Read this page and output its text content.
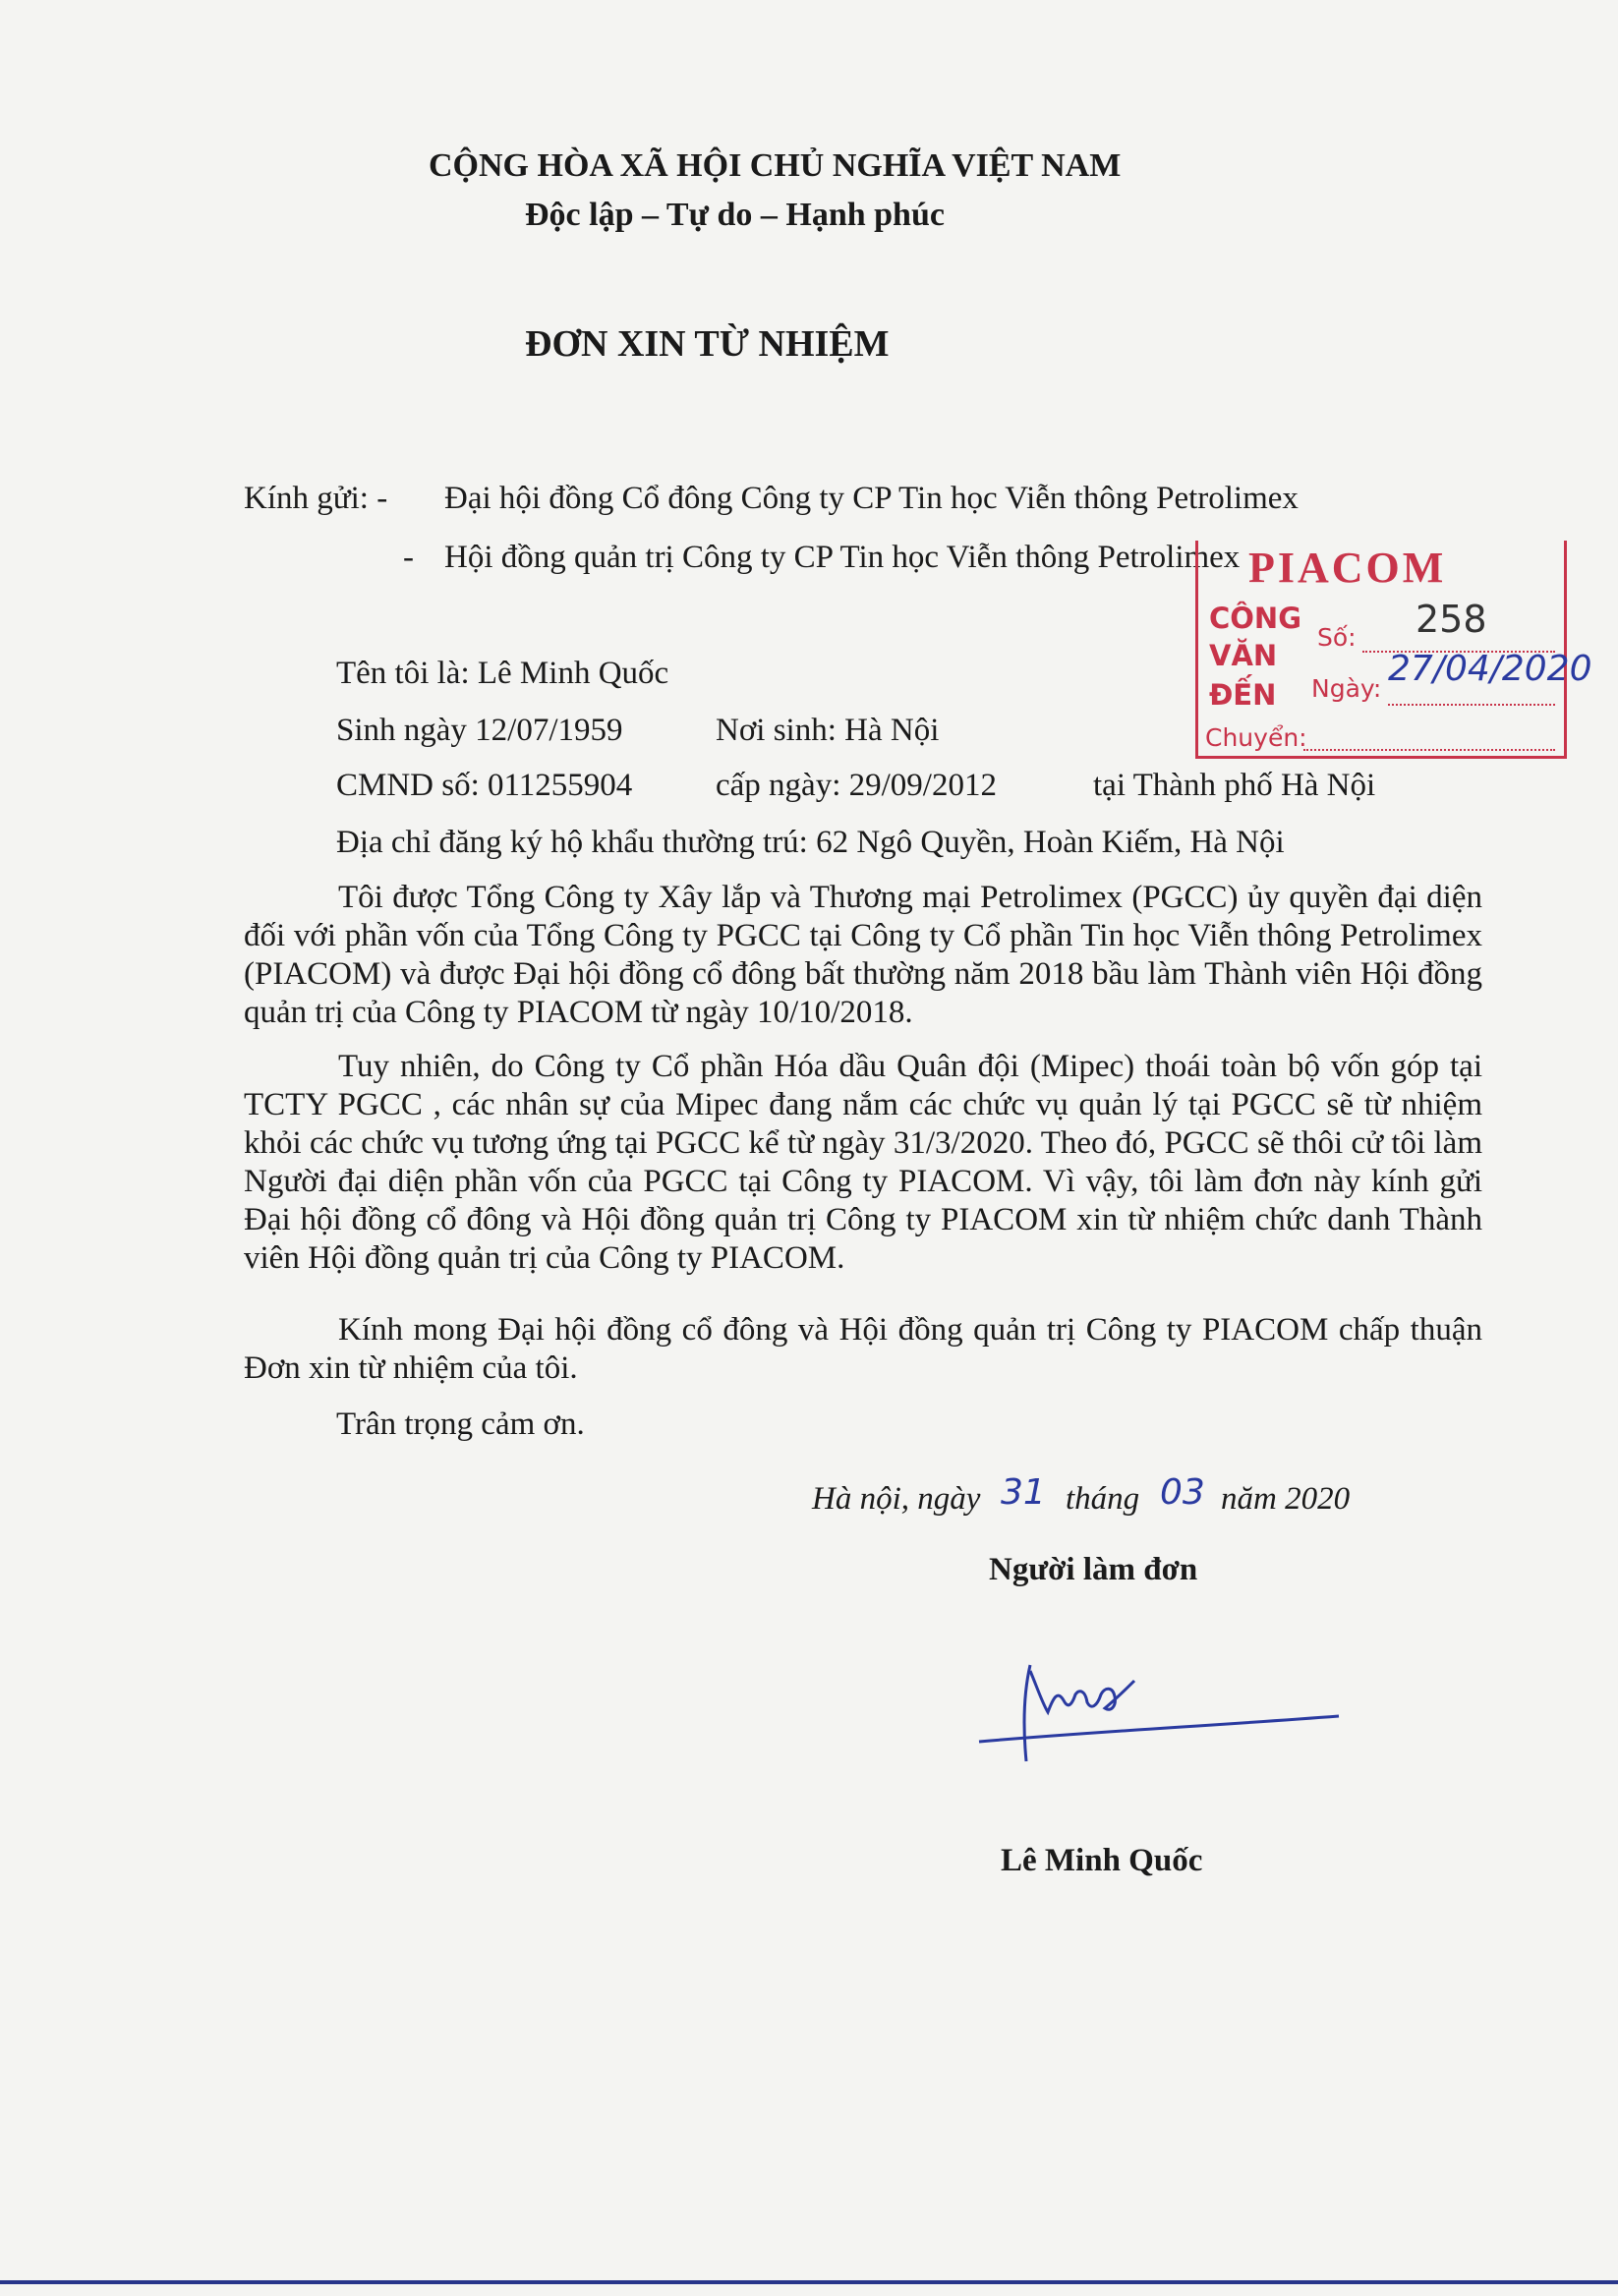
CỘNG HÒA XÃ HỘI CHỦ NGHĨA VIỆT NAM
Độc lập – Tự do – Hạnh phúc
ĐƠN XIN TỪ NHIỆM
Kính gửi: - Đại hội đồng Cổ đông Công ty CP Tin học Viễn thông Petrolimex
- Hội đồng quản trị Công ty CP Tin học Viễn thông Petrolimex PIACOM
CÔNG
VĂN
ĐẾN
Số: 258
Ngày: 27/04/2020
Chuyển:
Tên tôi là: Lê Minh Quốc
Sinh ngày 12/07/1959	Nơi sinh: Hà Nội
CMND số: 011255904	cấp ngày: 29/09/2012	tại Thành phố Hà Nội
Địa chỉ đăng ký hộ khẩu thường trú: 62 Ngô Quyền, Hoàn Kiếm, Hà Nội
Tôi được Tổng Công ty Xây lắp và Thương mại Petrolimex (PGCC) ủy quyền đại diện đối với phần vốn của Tổng Công ty PGCC tại Công ty Cổ phần Tin học Viễn thông Petrolimex (PIACOM) và được Đại hội đồng cổ đông bất thường năm 2018 bầu làm Thành viên Hội đồng quản trị của Công ty PIACOM từ ngày 10/10/2018.
Tuy nhiên, do Công ty Cổ phần Hóa dầu Quân đội (Mipec) thoái toàn bộ vốn góp tại TCTY PGCC , các nhân sự của Mipec đang nắm các chức vụ quản lý tại PGCC sẽ từ nhiệm khỏi các chức vụ tương ứng tại PGCC kể từ ngày 31/3/2020. Theo đó, PGCC sẽ thôi cử tôi làm Người đại diện phần vốn của PGCC tại Công ty PIACOM. Vì vậy, tôi làm đơn này kính gửi Đại hội đồng cổ đông và Hội đồng quản trị Công ty PIACOM xin từ nhiệm chức danh Thành viên Hội đồng quản trị của Công ty PIACOM.
Kính mong Đại hội đồng cổ đông và Hội đồng quản trị Công ty PIACOM chấp thuận Đơn xin từ nhiệm của tôi.
Trân trọng cảm ơn.
Hà nội, ngày 31 tháng 03 năm 2020
Người làm đơn
Lê Minh Quốc
